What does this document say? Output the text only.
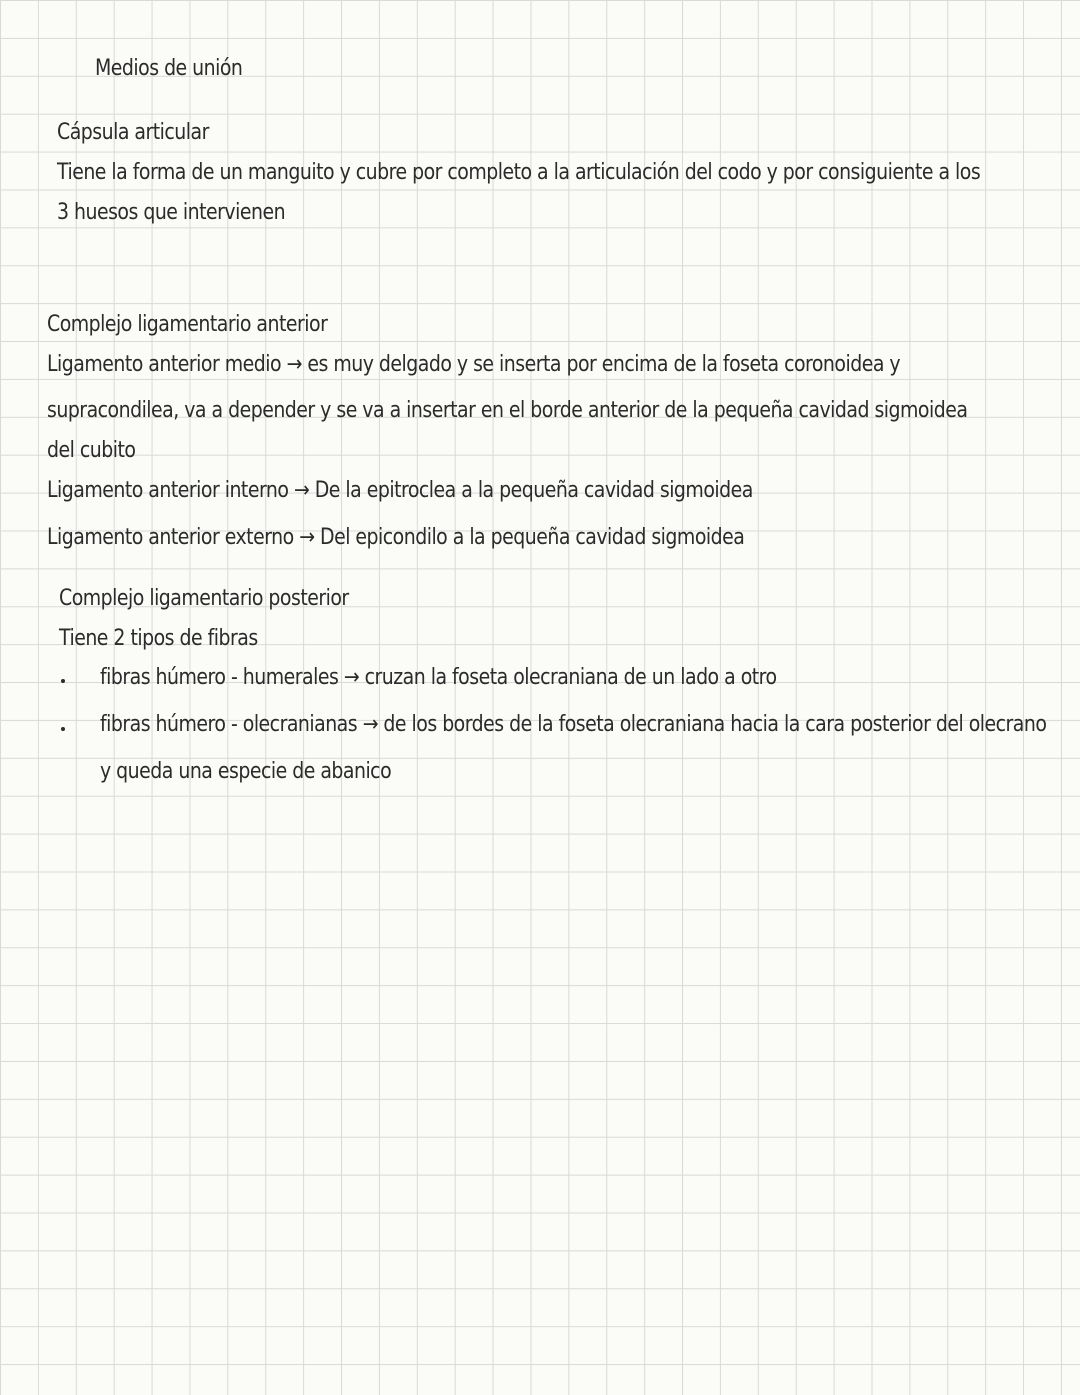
Medios de unión
Cápsula articular
Tiene la forma de un manguito y cubre por completo a la articulación del codo y por consiguiente a los
3 huesos que intervienen
Complejo ligamentario anterior
Ligamento anterior medio → es muy delgado y se inserta por encima de la foseta coronoidea y
supracondilea, va a depender y se va a insertar en el borde anterior de la pequeña cavidad sigmoidea
del cubito
Ligamento anterior interno → De la epitroclea a la pequeña cavidad sigmoidea
Ligamento anterior externo → Del epicondilo a la pequeña cavidad sigmoidea
Complejo ligamentario posterior
Tiene 2 tipos de fibras
fibras húmero - humerales → cruzan la foseta olecraniana de un lado a otro
fibras húmero - olecranianas → de los bordes de la foseta olecraniana hacia la cara posterior del olecrano
y queda una especie de abanico
